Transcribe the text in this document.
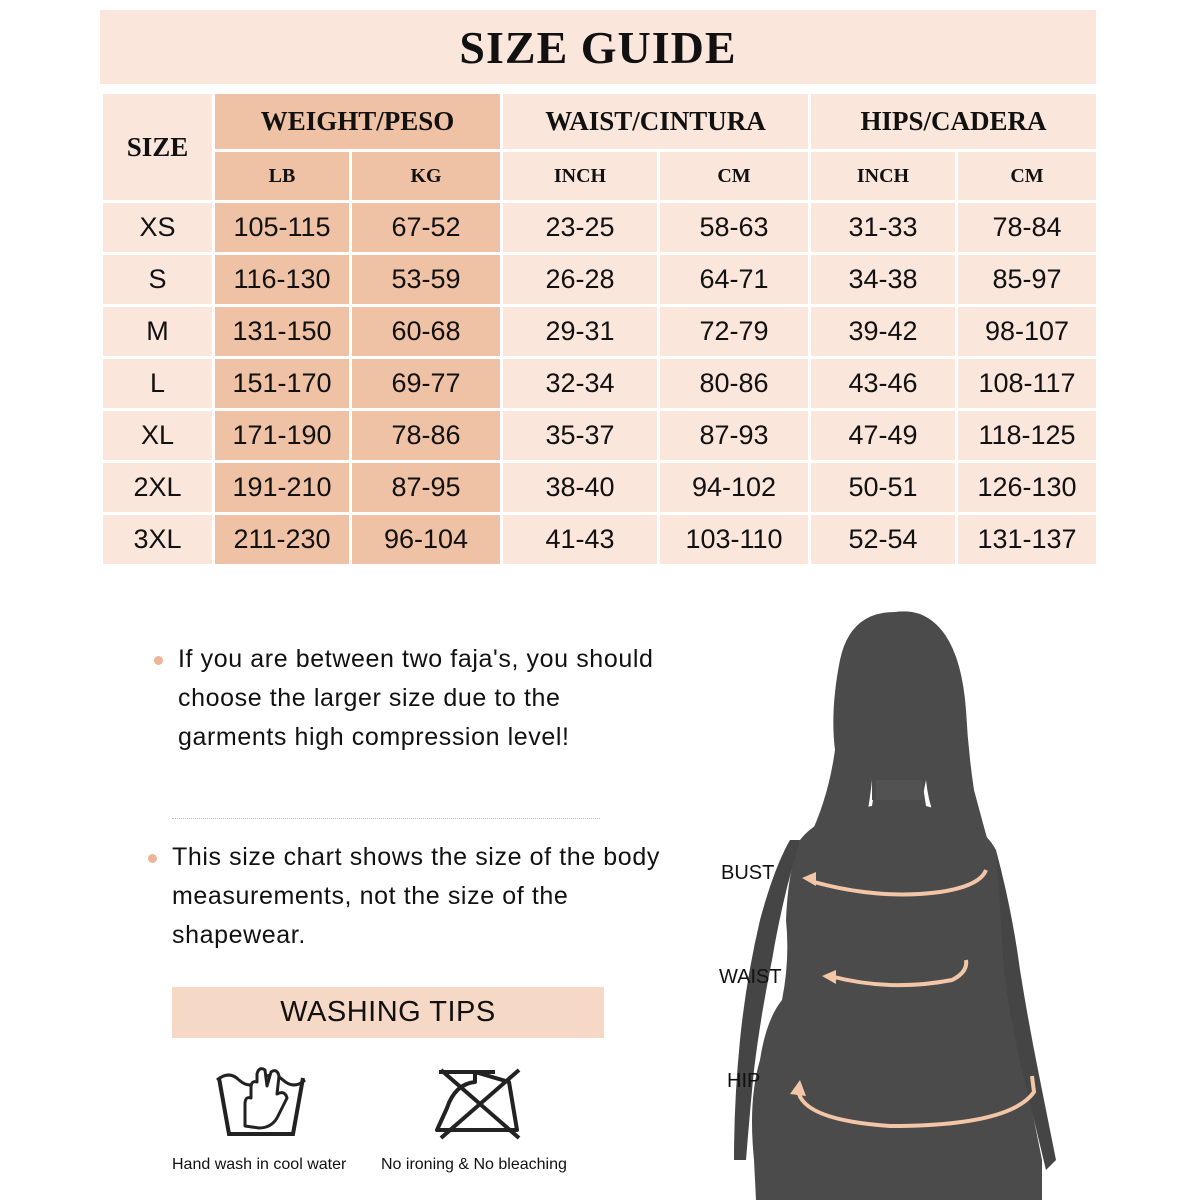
SIZE GUIDE
SIZE	WEIGHT/PESO		WAIST/CINTURA		HIPS/CADERA	
	LB	KG	INCH	CM	INCH	CM
XS	105-115	67-52	23-25	58-63	31-33	78-84
S	116-130	53-59	26-28	64-71	34-38	85-97
M	131-150	60-68	29-31	72-79	39-42	98-107
L	151-170	69-77	32-34	80-86	43-46	108-117
XL	171-190	78-86	35-37	87-93	47-49	118-125
2XL	191-210	87-95	38-40	94-102	50-51	126-130
3XL	211-230	96-104	41-43	103-110	52-54	131-137
If you are between two faja's, you should choose the larger size due to the garments high compression level!
This size chart shows the size of the body measurements, not the size of the shapewear.
WASHING TIPS
Hand wash in cool water No ironing & No bleaching
BUST
WAIST
HIP
